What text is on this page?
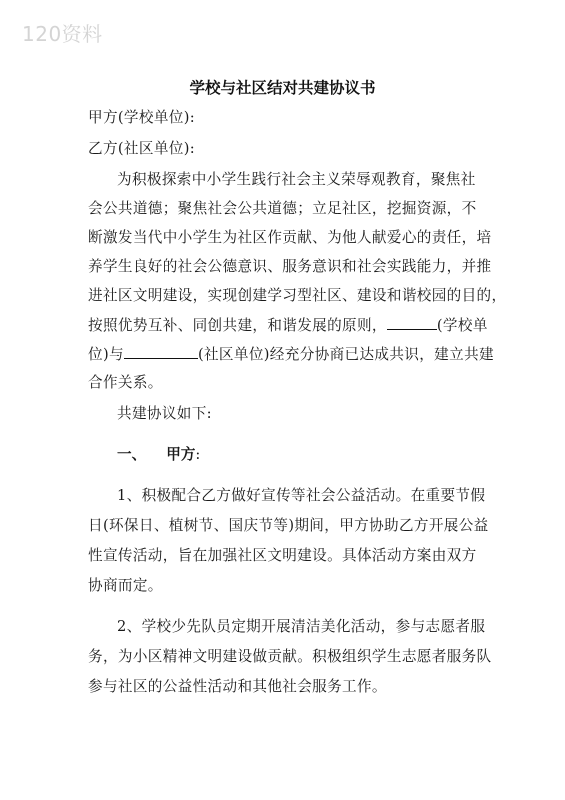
120资料
学校与社区结对共建协议书
甲方(学校单位):
乙方(社区单位):
为积极探索中小学生践行社会主义荣辱观教育，聚焦社
会公共道德；聚焦社会公共道德；立足社区，挖掘资源，不
断激发当代中小学生为社区作贡献、为他人献爱心的责任，培
养学生良好的社会公德意识、服务意识和社会实践能力，并推
进社区文明建设，实现创建学习型社区、建设和谐校园的目的，
按照优势互补、同创共建，和谐发展的原则，	(学校单
位)与	(社区单位)经充分协商已达成共识，建立共建
合作关系。
共建协议如下:
一、 甲方:
1、积极配合乙方做好宣传等社会公益活动。在重要节假
日(环保日、植树节、国庆节等)期间，甲方协助乙方开展公益
性宣传活动，旨在加强社区文明建设。具体活动方案由双方
协商而定。
2、学校少先队员定期开展清洁美化活动，参与志愿者服
务，为小区精神文明建设做贡献。积极组织学生志愿者服务队
参与社区的公益性活动和其他社会服务工作。
